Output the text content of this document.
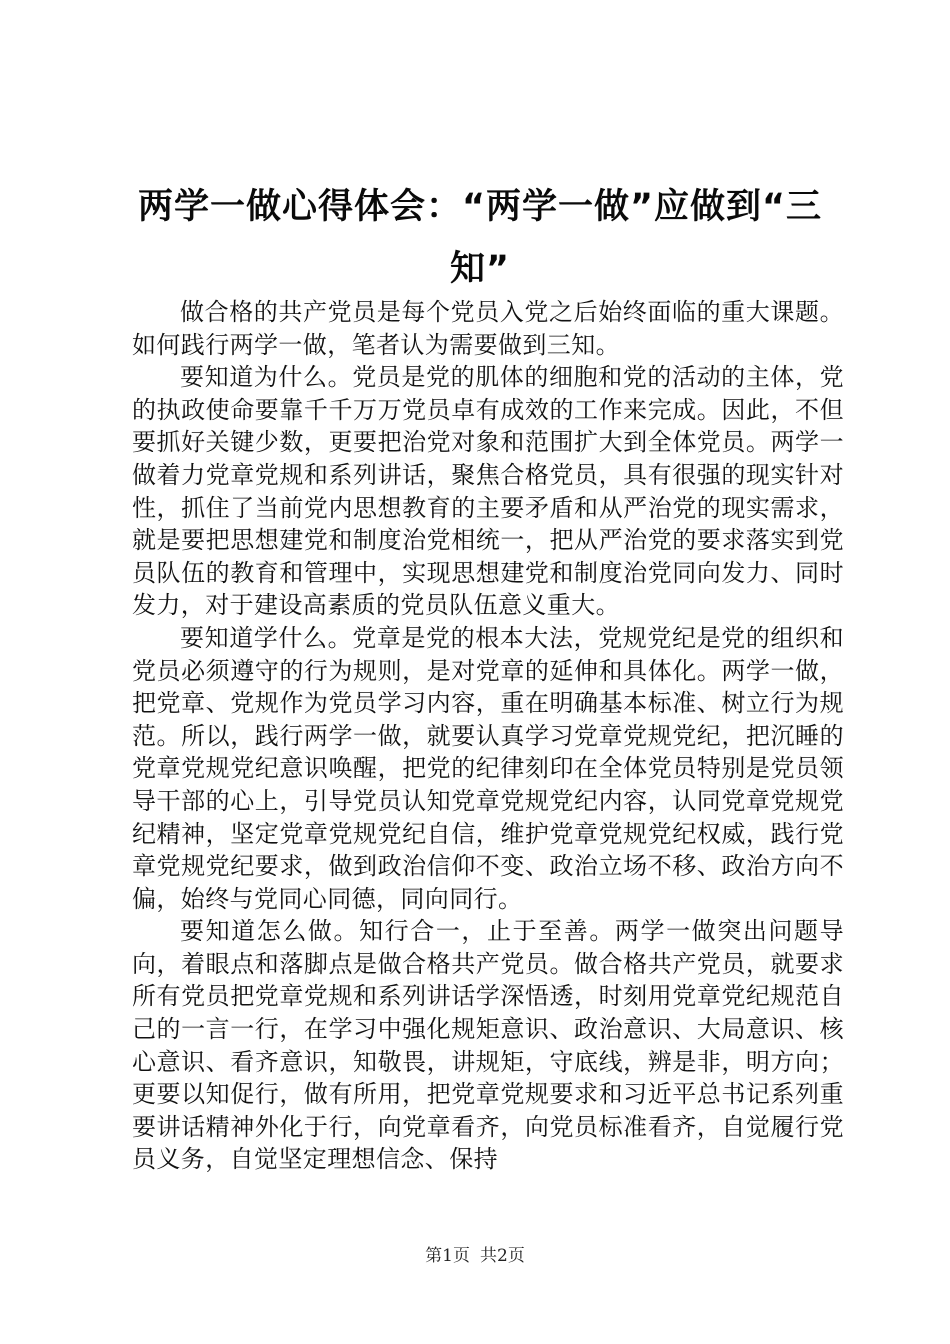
两学一做心得体会：“两学一做”应做到“三知”

做合格的共产党员是每个党员入党之后始终面临的重大课题。如何践行两学一做，笔者认为需要做到三知。

要知道为什么。党员是党的肌体的细胞和党的活动的主体，党的执政使命要靠千千万万党员卓有成效的工作来完成。因此，不但要抓好关键少数，更要把治党对象和范围扩大到全体党员。两学一做着力党章党规和系列讲话，聚焦合格党员，具有很强的现实针对性，抓住了当前党内思想教育的主要矛盾和从严治党的现实需求，就是要把思想建党和制度治党相统一，把从严治党的要求落实到党员队伍的教育和管理中，实现思想建党和制度治党同向发力、同时发力，对于建设高素质的党员队伍意义重大。

要知道学什么。党章是党的根本大法，党规党纪是党的组织和党员必须遵守的行为规则，是对党章的延伸和具体化。两学一做，把党章、党规作为党员学习内容，重在明确基本标准、树立行为规范。所以，践行两学一做，就要认真学习党章党规党纪，把沉睡的党章党规党纪意识唤醒，把党的纪律刻印在全体党员特别是党员领导干部的心上，引导党员认知党章党规党纪内容，认同党章党规党纪精神，坚定党章党规党纪自信，维护党章党规党纪权威，践行党章党规党纪要求，做到政治信仰不变、政治立场不移、政治方向不偏，始终与党同心同德，同向同行。

要知道怎么做。知行合一，止于至善。两学一做突出问题导向，着眼点和落脚点是做合格共产党员。做合格共产党员，就要求所有党员把党章党规和系列讲话学深悟透，时刻用党章党纪规范自己的一言一行，在学习中强化规矩意识、政治意识、大局意识、核心意识、看齐意识，知敬畏，讲规矩，守底线，辨是非，明方向；更要以知促行，做有所用，把党章党规要求和习近平总书记系列重要讲话精神外化于行，向党章看齐，向党员标准看齐，自觉履行党员义务，自觉坚定理想信念、保持

第1页 共2页
